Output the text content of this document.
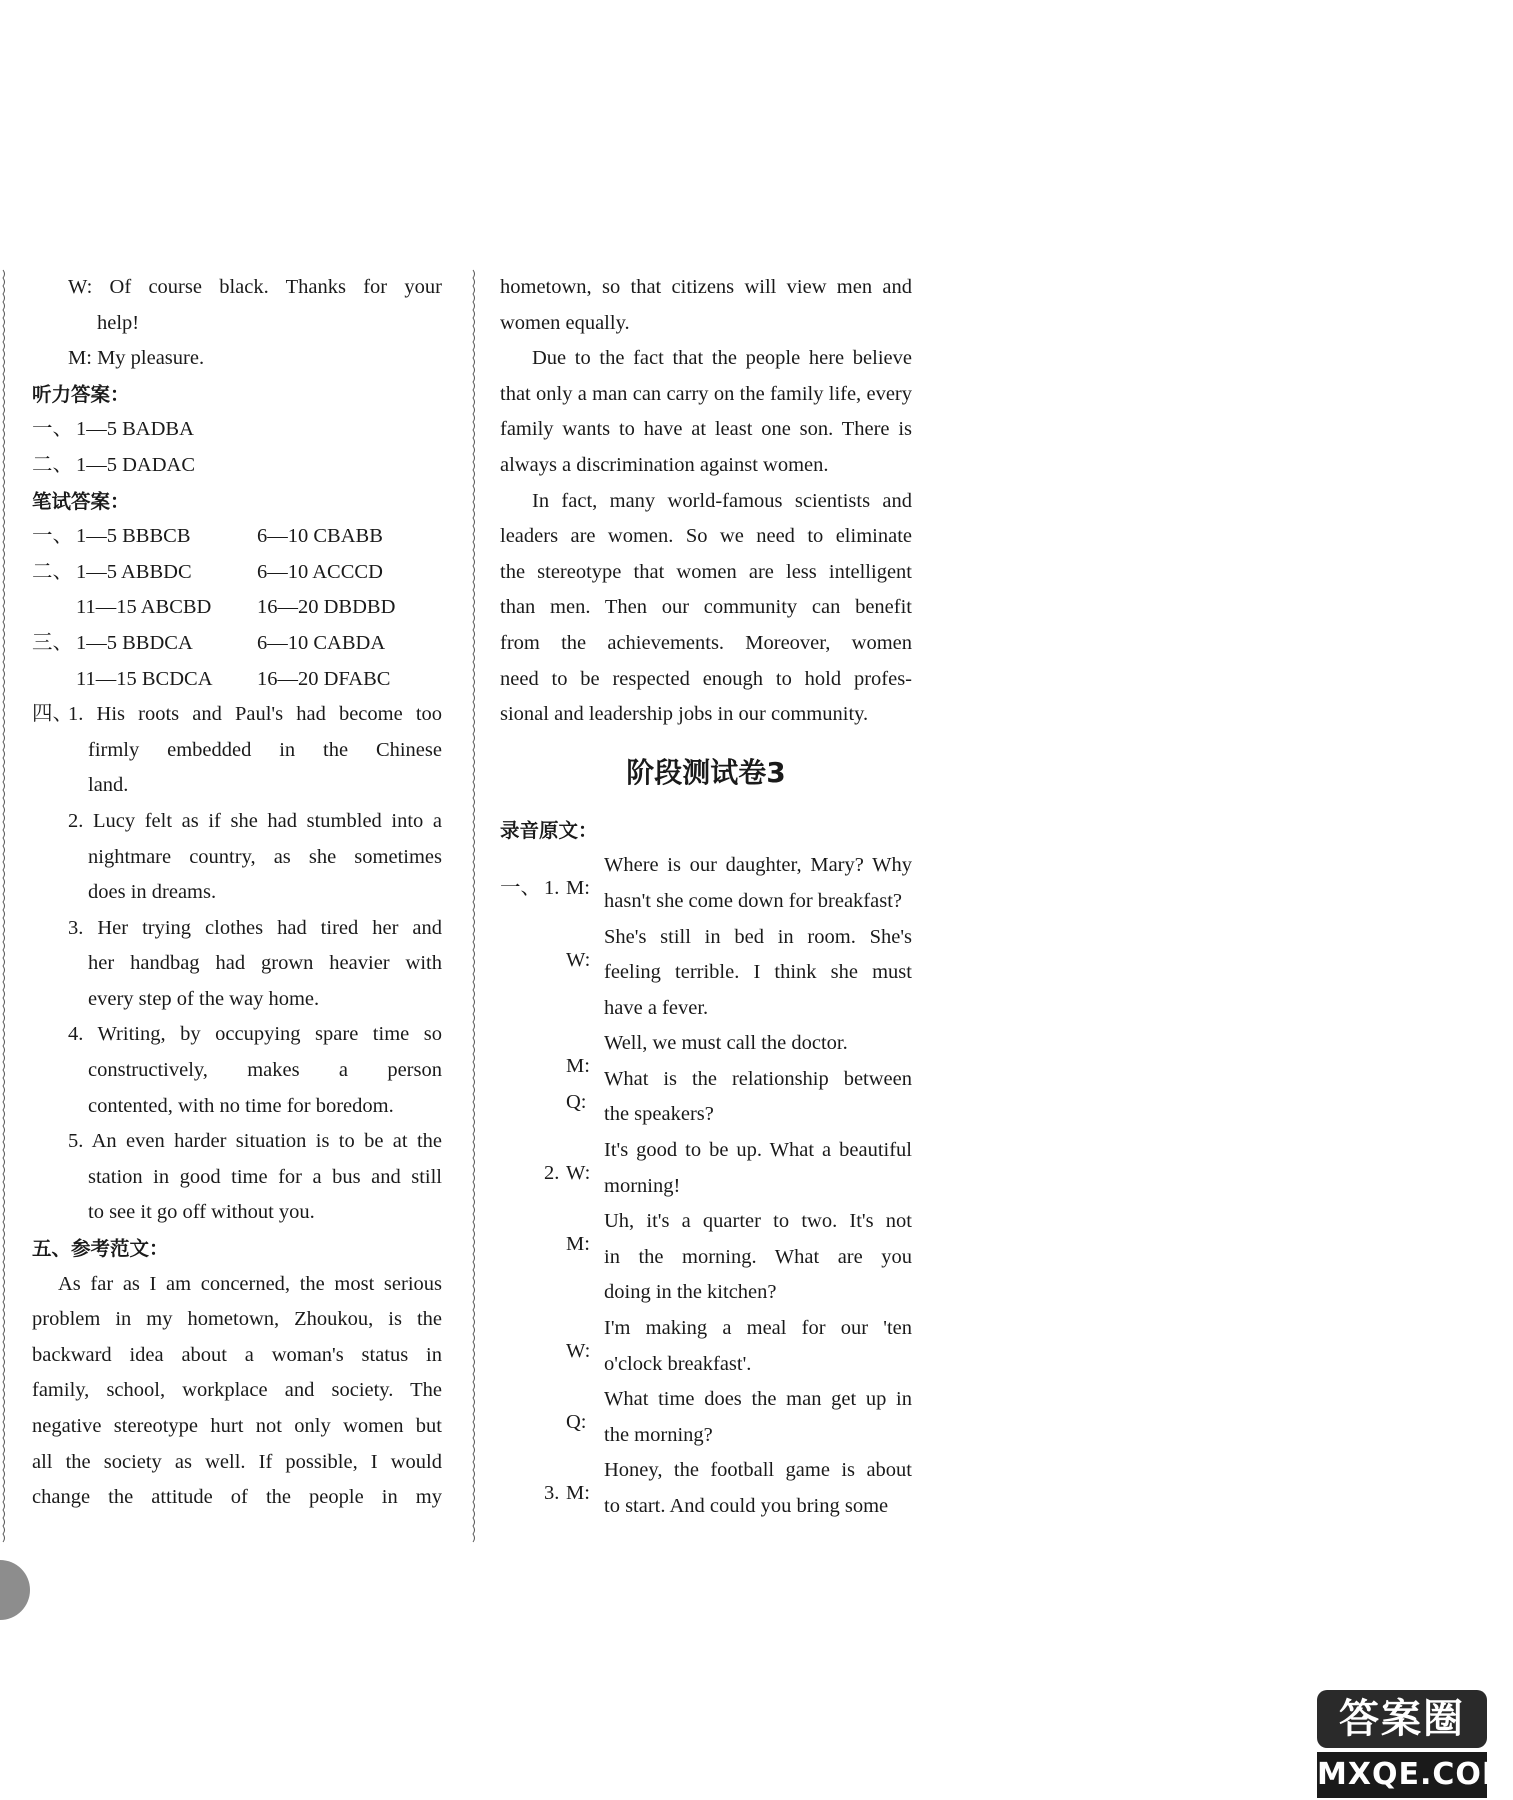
W: Of course black. Thanks for your
help!
M: My pleasure.
听力答案：
一、 1—5 BADBA
二、 1—5 DADAC
笔试答案：
一、 1—5 BBBCB	6—10 CBABB
二、 1—5 ABBDC	6—10 ACCCD
11—15 ABCBD 16—20 DBDBD
三、 1—5 BBDCA	6—10 CABDA
11—15 BCDCA 16—20 DFABC
四、1. His roots and Paul's had become too
firmly embedded in the Chinese
land.
2. Lucy felt as if she had stumbled into a
nightmare country, as she sometimes
does in dreams.
3. Her trying clothes had tired her and
her handbag had grown heavier with
every step of the way home.
4. Writing, by occupying spare time so
constructively, makes a person
contented, with no time for boredom.
5. An even harder situation is to be at the
station in good time for a bus and still
to see it go off without you.
五、参考范文：
As far as I am concerned, the most serious
problem in my hometown, Zhoukou, is the
backward idea about a woman's status in
family, school, workplace and society. The
negative stereotype hurt not only women but
all the society as well. If possible, I would
change the attitude of the people in my
hometown, so that citizens will view men and
women equally.
Due to the fact that the people here believe
that only a man can carry on the family life, every
family wants to have at least one son. There is
always a discrimination against women.
In fact, many world-famous scientists and
leaders are women. So we need to eliminate
the stereotype that women are less intelligent
than men. Then our community can benefit
from the achievements. Moreover, women
need to be respected enough to hold profes-
sional and leadership jobs in our community.
阶段测试卷3
录音原文：
一、 1. M:
Where is our daughter, Mary? Why
hasn't she come down for breakfast?
W:
She's still in bed in room. She's
feeling terrible. I think she must
have a fever.
M:
Well, we must call the doctor.
Q:
What is the relationship between
the speakers?
2. W:
It's good to be up. What a beautiful
morning!
M:
Uh, it's a quarter to two. It's not
in the morning. What are you
doing in the kitchen?
W:
I'm making a meal for our 'ten
o'clock breakfast'.
Q:
What time does the man get up in
the morning?
3. M:
Honey, the football game is about
to start. And could you bring some
答案圈
MXQE.COM
